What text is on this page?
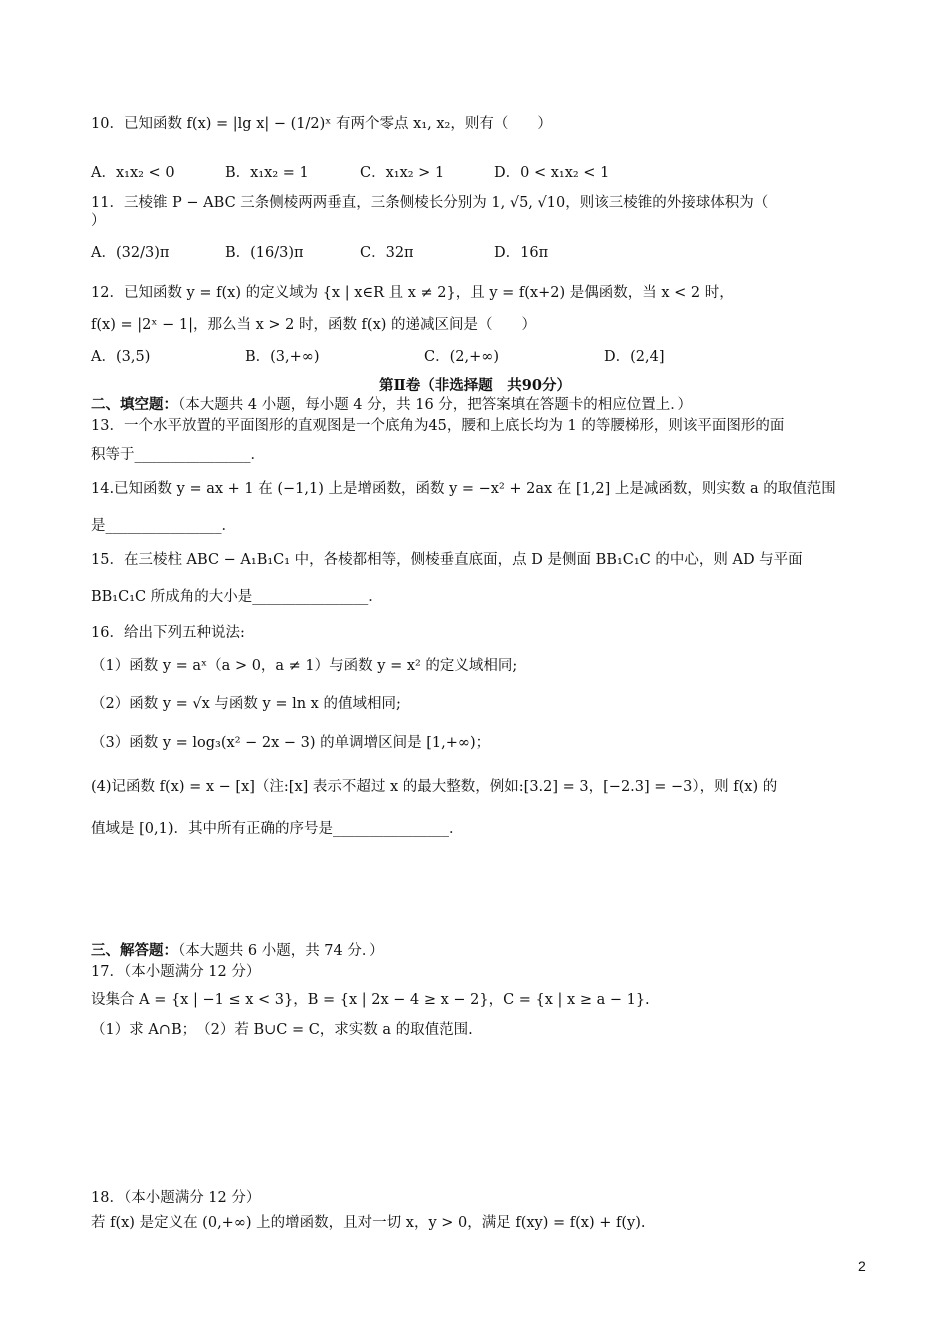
10．已知函数 f(x) = |lg x| − (1/2)ˣ 有两个零点 x₁, x₂，则有（　　）
A．x₁x₂ < 0	B．x₁x₂ = 1	C．x₁x₂ > 1	D．0 < x₁x₂ < 1
11．三棱锥 P − ABC 三条侧棱两两垂直，三条侧棱长分别为 1, √5, √10，则该三棱锥的外接球体积为（
）
A．(32/3)π	B．(16/3)π	C．32π	D．16π
12．已知函数 y = f(x) 的定义域为 {x | x∈R 且 x ≠ 2}，且 y = f(x+2) 是偶函数，当 x < 2 时，
f(x) = |2ˣ − 1|，那么当 x > 2 时，函数 f(x) 的递减区间是（　　）
A．(3,5)	B．(3,+∞)	C．(2,+∞)	D．(2,4]
第Ⅱ卷（非选择题　共90分）
二、填空题：（本大题共 4 小题，每小题 4 分，共 16 分，把答案填在答题卡的相应位置上．）
13．一个水平放置的平面图形的直观图是一个底角为45，腰和上底长均为 1 的等腰梯形，则该平面图形的面
积等于________________．
14.已知函数 y = ax + 1 在 (−1,1) 上是增函数，函数 y = −x² + 2ax 在 [1,2] 上是减函数，则实数 a 的取值范围
是________________．
15．在三棱柱 ABC − A₁B₁C₁ 中，各棱都相等，侧棱垂直底面，点 D 是侧面 BB₁C₁C 的中心，则 AD 与平面
BB₁C₁C 所成角的大小是________________．
16．给出下列五种说法:
（1）函数 y = aˣ（a > 0，a ≠ 1）与函数 y = x² 的定义域相同;
（2）函数 y = √x 与函数 y = ln x 的值域相同;
（3）函数 y = log₃(x² − 2x − 3) 的单调增区间是 [1,+∞)；
(4)记函数 f(x) = x − [x]（注:[x] 表示不超过 x 的最大整数，例如:[3.2] = 3，[−2.3] = −3），则 f(x) 的
值域是 [0,1)．其中所有正确的序号是________________．
三、解答题：（本大题共 6 小题，共 74 分．）
17．（本小题满分 12 分）
设集合 A = {x | −1 ≤ x < 3}，B = {x | 2x − 4 ≥ x − 2}，C = {x | x ≥ a − 1}.
（1）求 A∩B；　（2）若 B∪C = C，求实数 a 的取值范围.
18．（本小题满分 12 分）
若 f(x) 是定义在 (0,+∞) 上的增函数，且对一切 x，y > 0，满足 f(xy) = f(x) + f(y).
2
